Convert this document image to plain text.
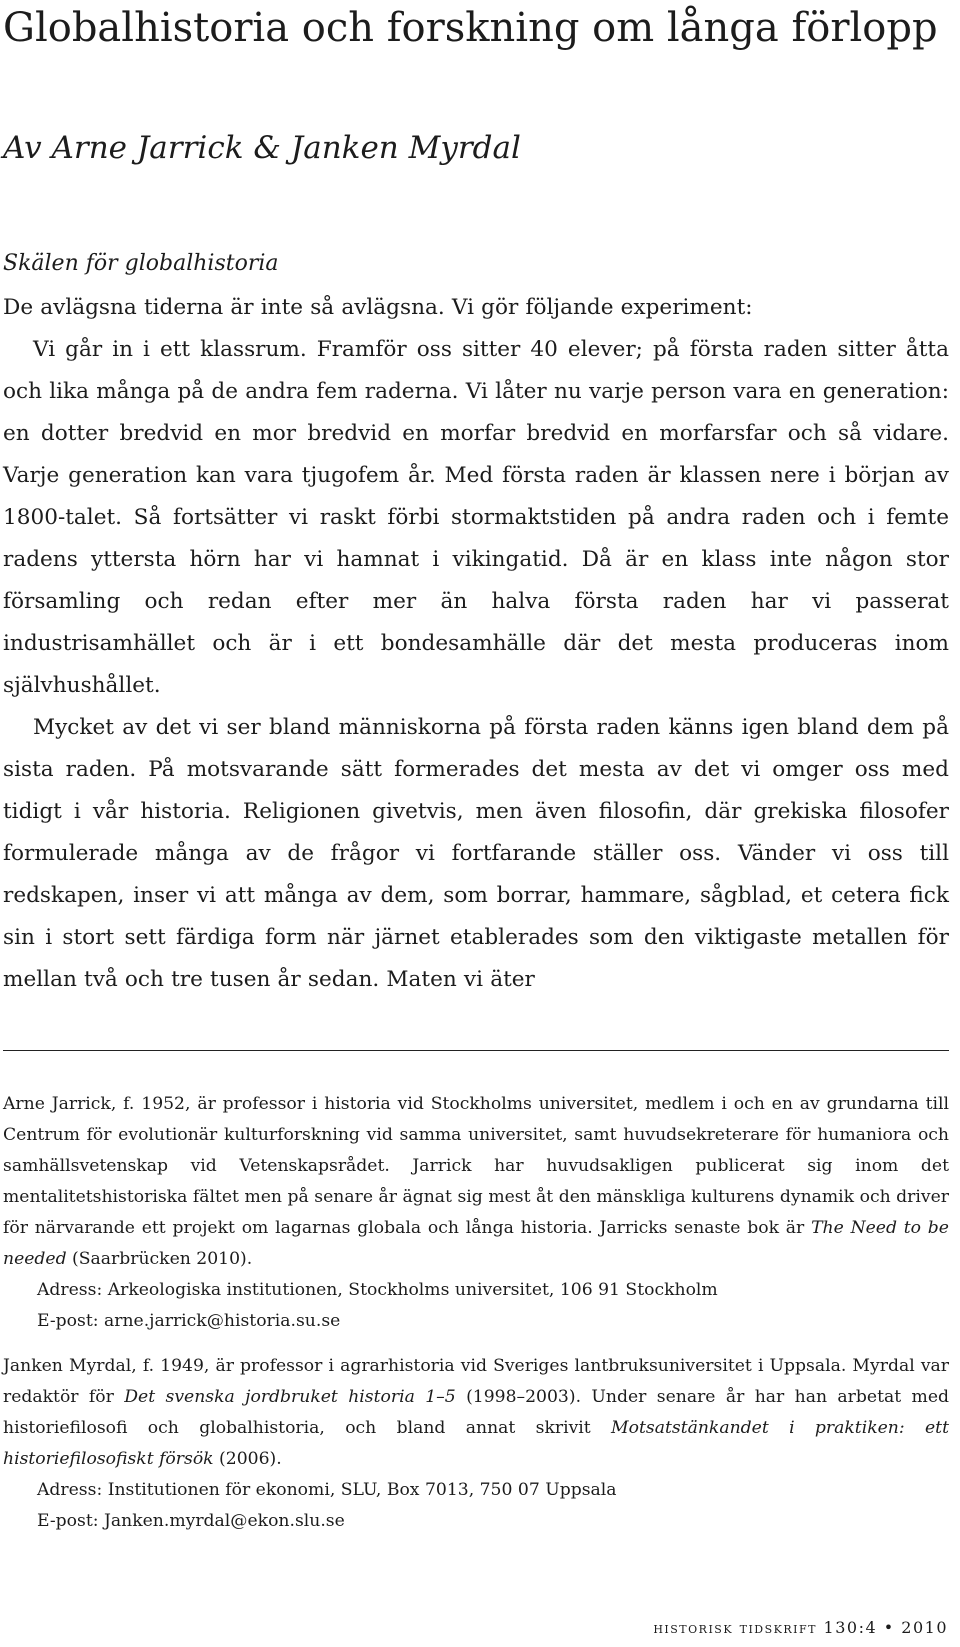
Globalhistoria och forskning om långa förlopp
Av Arne Jarrick & Janken Myrdal
Skälen för globalhistoria

De avlägsna tiderna är inte så avlägsna. Vi gör följande experiment:

Vi går in i ett klassrum. Framför oss sitter 40 elever; på första raden sitter åtta och lika många på de andra fem raderna. Vi låter nu varje person vara en generation: en dotter bredvid en mor bredvid en morfar bredvid en morfarsfar och så vidare. Varje generation kan vara tjugofem år. Med första raden är klassen nere i början av 1800-talet. Så fortsätter vi raskt förbi stormaktstiden på andra raden och i femte radens yttersta hörn har vi hamnat i vikingatid. Då är en klass inte någon stor församling och redan efter mer än halva första raden har vi passerat industrisamhället och är i ett bondesamhälle där det mesta produceras inom självhushållet.

Mycket av det vi ser bland människorna på första raden känns igen bland dem på sista raden. På motsvarande sätt formerades det mesta av det vi omger oss med tidigt i vår historia. Religionen givetvis, men även filosofin, där grekiska filosofer formulerade många av de frågor vi fortfarande ställer oss. Vänder vi oss till redskapen, inser vi att många av dem, som borrar, hammare, sågblad, et cetera fick sin i stort sett färdiga form när järnet etablerades som den viktigaste metallen för mellan två och tre tusen år sedan. Maten vi äter

Arne Jarrick, f. 1952, är professor i historia vid Stockholms universitet, medlem i och en av grundarna till Centrum för evolutionär kulturforskning vid samma universitet, samt huvudsekreterare för humaniora och samhällsvetenskap vid Vetenskapsrådet. Jarrick har huvudsakligen publicerat sig inom det mentalitetshistoriska fältet men på senare år ägnat sig mest åt den mänskliga kulturens dynamik och driver för närvarande ett projekt om lagarnas globala och långa historia. Jarricks senaste bok är The Need to be needed (Saarbrücken 2010).

Adress: Arkeologiska institutionen, Stockholms universitet, 106 91 Stockholm

E-post: arne.jarrick@historia.su.se

Janken Myrdal, f. 1949, är professor i agrarhistoria vid Sveriges lantbruksuniversitet i Uppsala. Myrdal var redaktör för Det svenska jordbruket historia 1–5 (1998–2003). Under senare år har han arbetat med historiefilosofi och globalhistoria, och bland annat skrivit Motsatstänkandet i praktiken: ett historiefilosofiskt försök (2006).

Adress: Institutionen för ekonomi, SLU, Box 7013, 750 07 Uppsala

E-post: Janken.myrdal@ekon.slu.se

historisk tidskrift 130:4 • 2010
